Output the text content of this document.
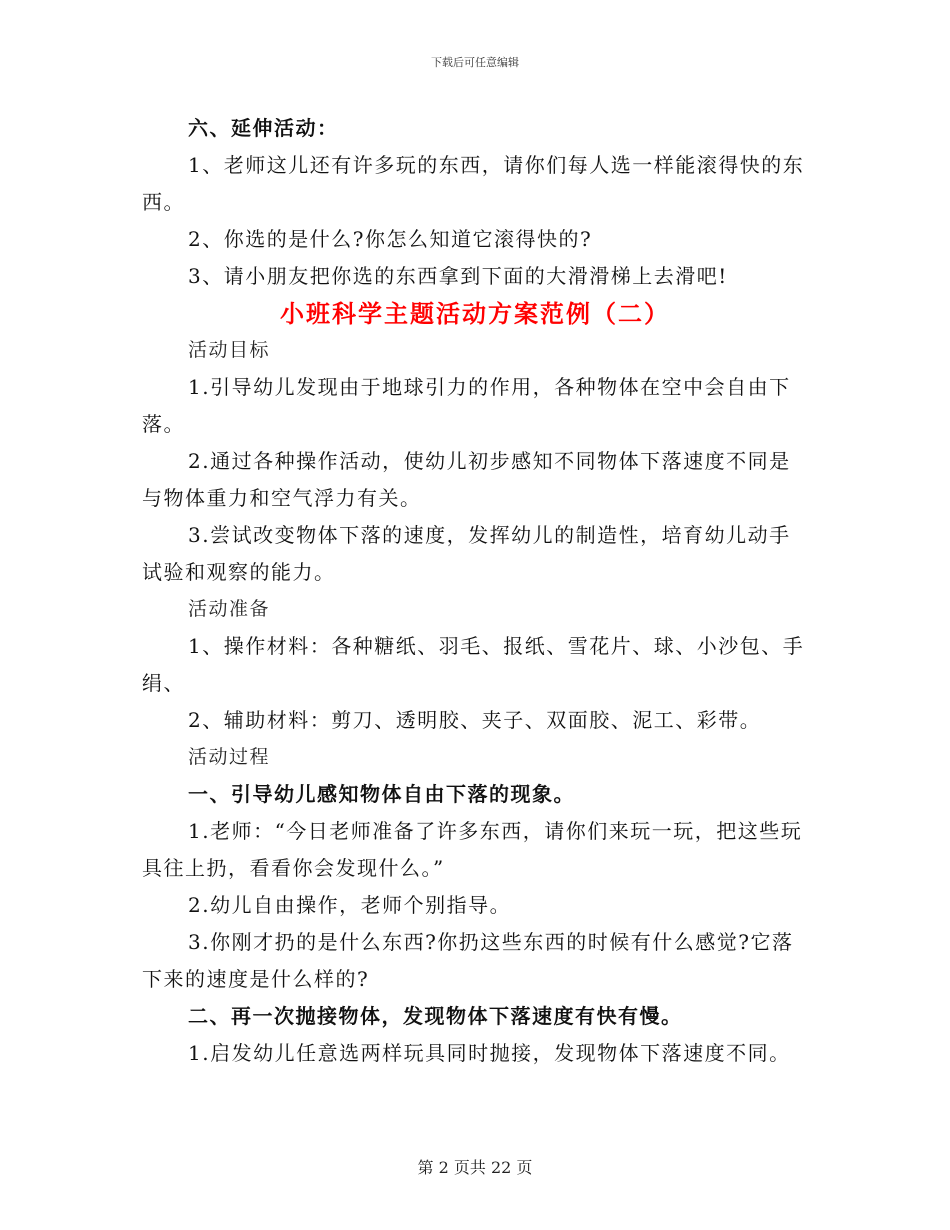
下载后可任意编辑

六、延伸活动：

1、老师这儿还有许多玩的东西，请你们每人选一样能滚得快的东西。

2、你选的是什么?你怎么知道它滚得快的?

3、请小朋友把你选的东西拿到下面的大滑滑梯上去滑吧!

小班科学主题活动方案范例（二）

活动目标

1.引导幼儿发现由于地球引力的作用，各种物体在空中会自由下落。

2.通过各种操作活动，使幼儿初步感知不同物体下落速度不同是与物体重力和空气浮力有关。

3.尝试改变物体下落的速度，发挥幼儿的制造性，培育幼儿动手试验和观察的能力。

活动准备

1、操作材料：各种糖纸、羽毛、报纸、雪花片、球、小沙包、手绢、

2、辅助材料：剪刀、透明胶、夹子、双面胶、泥工、彩带。

活动过程

一、引导幼儿感知物体自由下落的现象。

1.老师：“今日老师准备了许多东西，请你们来玩一玩，把这些玩具往上扔，看看你会发现什么。”

2.幼儿自由操作，老师个别指导。

3.你刚才扔的是什么东西?你扔这些东西的时候有什么感觉?它落下来的速度是什么样的?

二、再一次抛接物体，发现物体下落速度有快有慢。

1.启发幼儿任意选两样玩具同时抛接，发现物体下落速度不同。

第 2 页共 22 页
